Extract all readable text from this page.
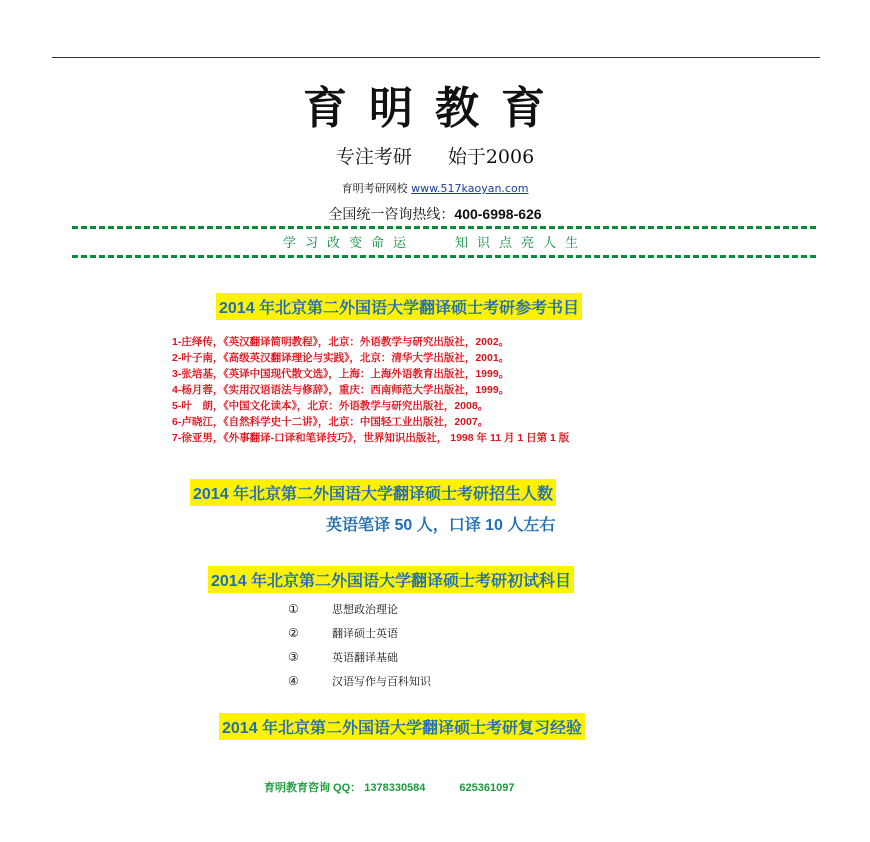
育明教育
专注考研 始于2006
育明考研网校 www.517kaoyan.com
全国统一咨询热线：400-6998-626
学习改变命运	知识点亮人生
2014 年北京第二外国语大学翻译硕士考研参考书目
1-庄绎传，《英汉翻译简明教程》，北京：外语教学与研究出版社，2002。
2-叶子南，《高级英汉翻译理论与实践》，北京：清华大学出版社，2001。
3-张培基，《英译中国现代散文选》，上海：上海外语教育出版社，1999。
4-杨月蓉，《实用汉语语法与修辞》，重庆：西南师范大学出版社，1999。
5-叶　朗，《中国文化读本》，北京：外语教学与研究出版社，2008。
6-卢晓江，《自然科学史十二讲》，北京：中国轻工业出版社，2007。
7-徐亚男，《外事翻译-口译和笔译技巧》，世界知识出版社， 1998 年 11 月 1 日第 1 版
2014 年北京第二外国语大学翻译硕士考研招生人数
英语笔译 50 人，口译 10 人左右
2014 年北京第二外国语大学翻译硕士考研初试科目
①	思想政治理论
②	翻译硕士英语
③	英语翻译基础
④	汉语写作与百科知识
2014 年北京第二外国语大学翻译硕士考研复习经验
育明教育咨询 QQ： 1378330584	625361097
